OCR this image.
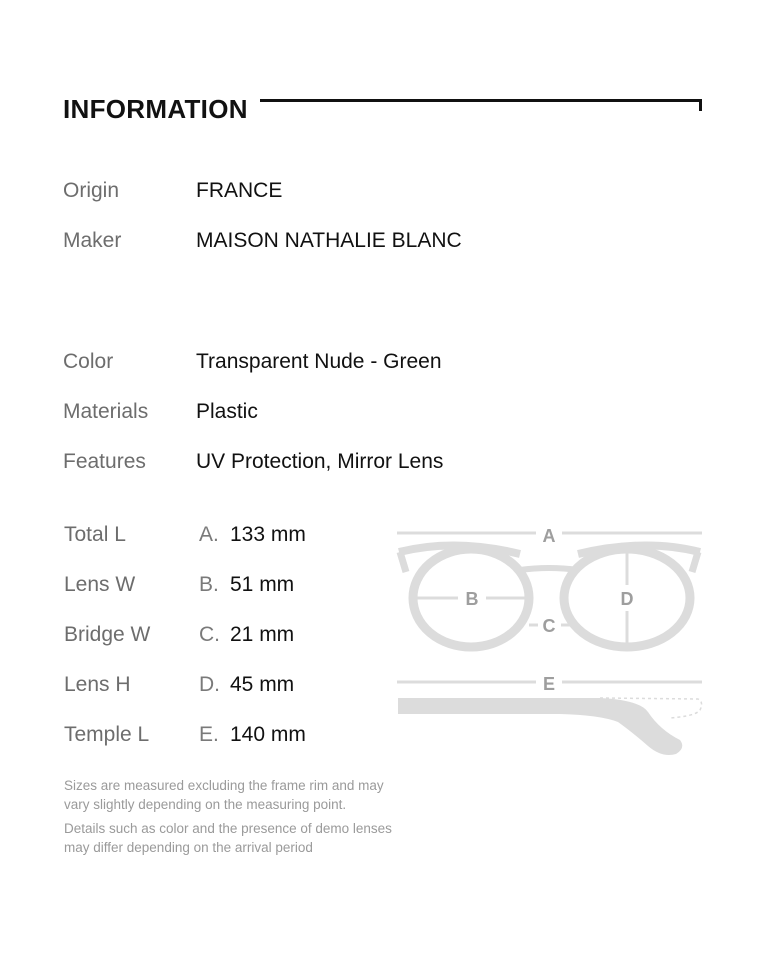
INFORMATION
Origin	FRANCE
Maker	MAISON NATHALIE BLANC
Color	Transparent Nude - Green
Materials Plastic
Features UV Protection, Mirror Lens
Total L	A. 133 mm
Lens W	B. 51 mm
Bridge W C. 21 mm
Lens H	D. 45 mm
Temple L E. 140 mm
A
B	D
C
E

Sizes are measured excluding the frame rim and may vary slightly depending on the measuring point.

Details such as color and the presence of demo lenses may differ depending on the arrival period
